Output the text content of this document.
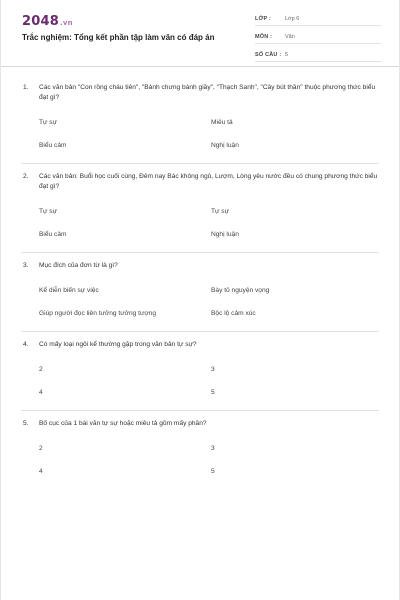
2048.vn
Trắc nghiệm: Tổng kết phần tập làm văn có đáp án
LỚP :	Lớp 6
MÔN :	Văn
SỐ CÂU : 5
1.	Các văn bản "Con rồng cháu tiên", "Bánh chưng bánh giầy", "Thạch Sanh", "Cây bút thần" thuộc phương thức biểu đạt gì?
Tự sự	Miêu tả
Biểu cảm	Nghị luận
2.	Các văn bản: Buổi học cuối cùng, Đêm nay Bác không ngủ, Lượm, Lòng yêu nước đều có chung phương thức biểu đạt gì?
Tự sự	Tự sự
Biểu cảm	Nghị luận
3.	Mục đích của đơn từ là gì?
Kể diễn biến sự việc	Bày tỏ nguyện vọng
Giúp người đọc liên tưởng tưởng tượng	Bộc lộ cảm xúc
4.	Có mấy loại ngôi kể thường gặp trong văn bản tự sự?
2	3
4	5
5.	Bố cục của 1 bài văn tự sự hoặc miêu tả gồm mấy phần?
2	3
4	5
